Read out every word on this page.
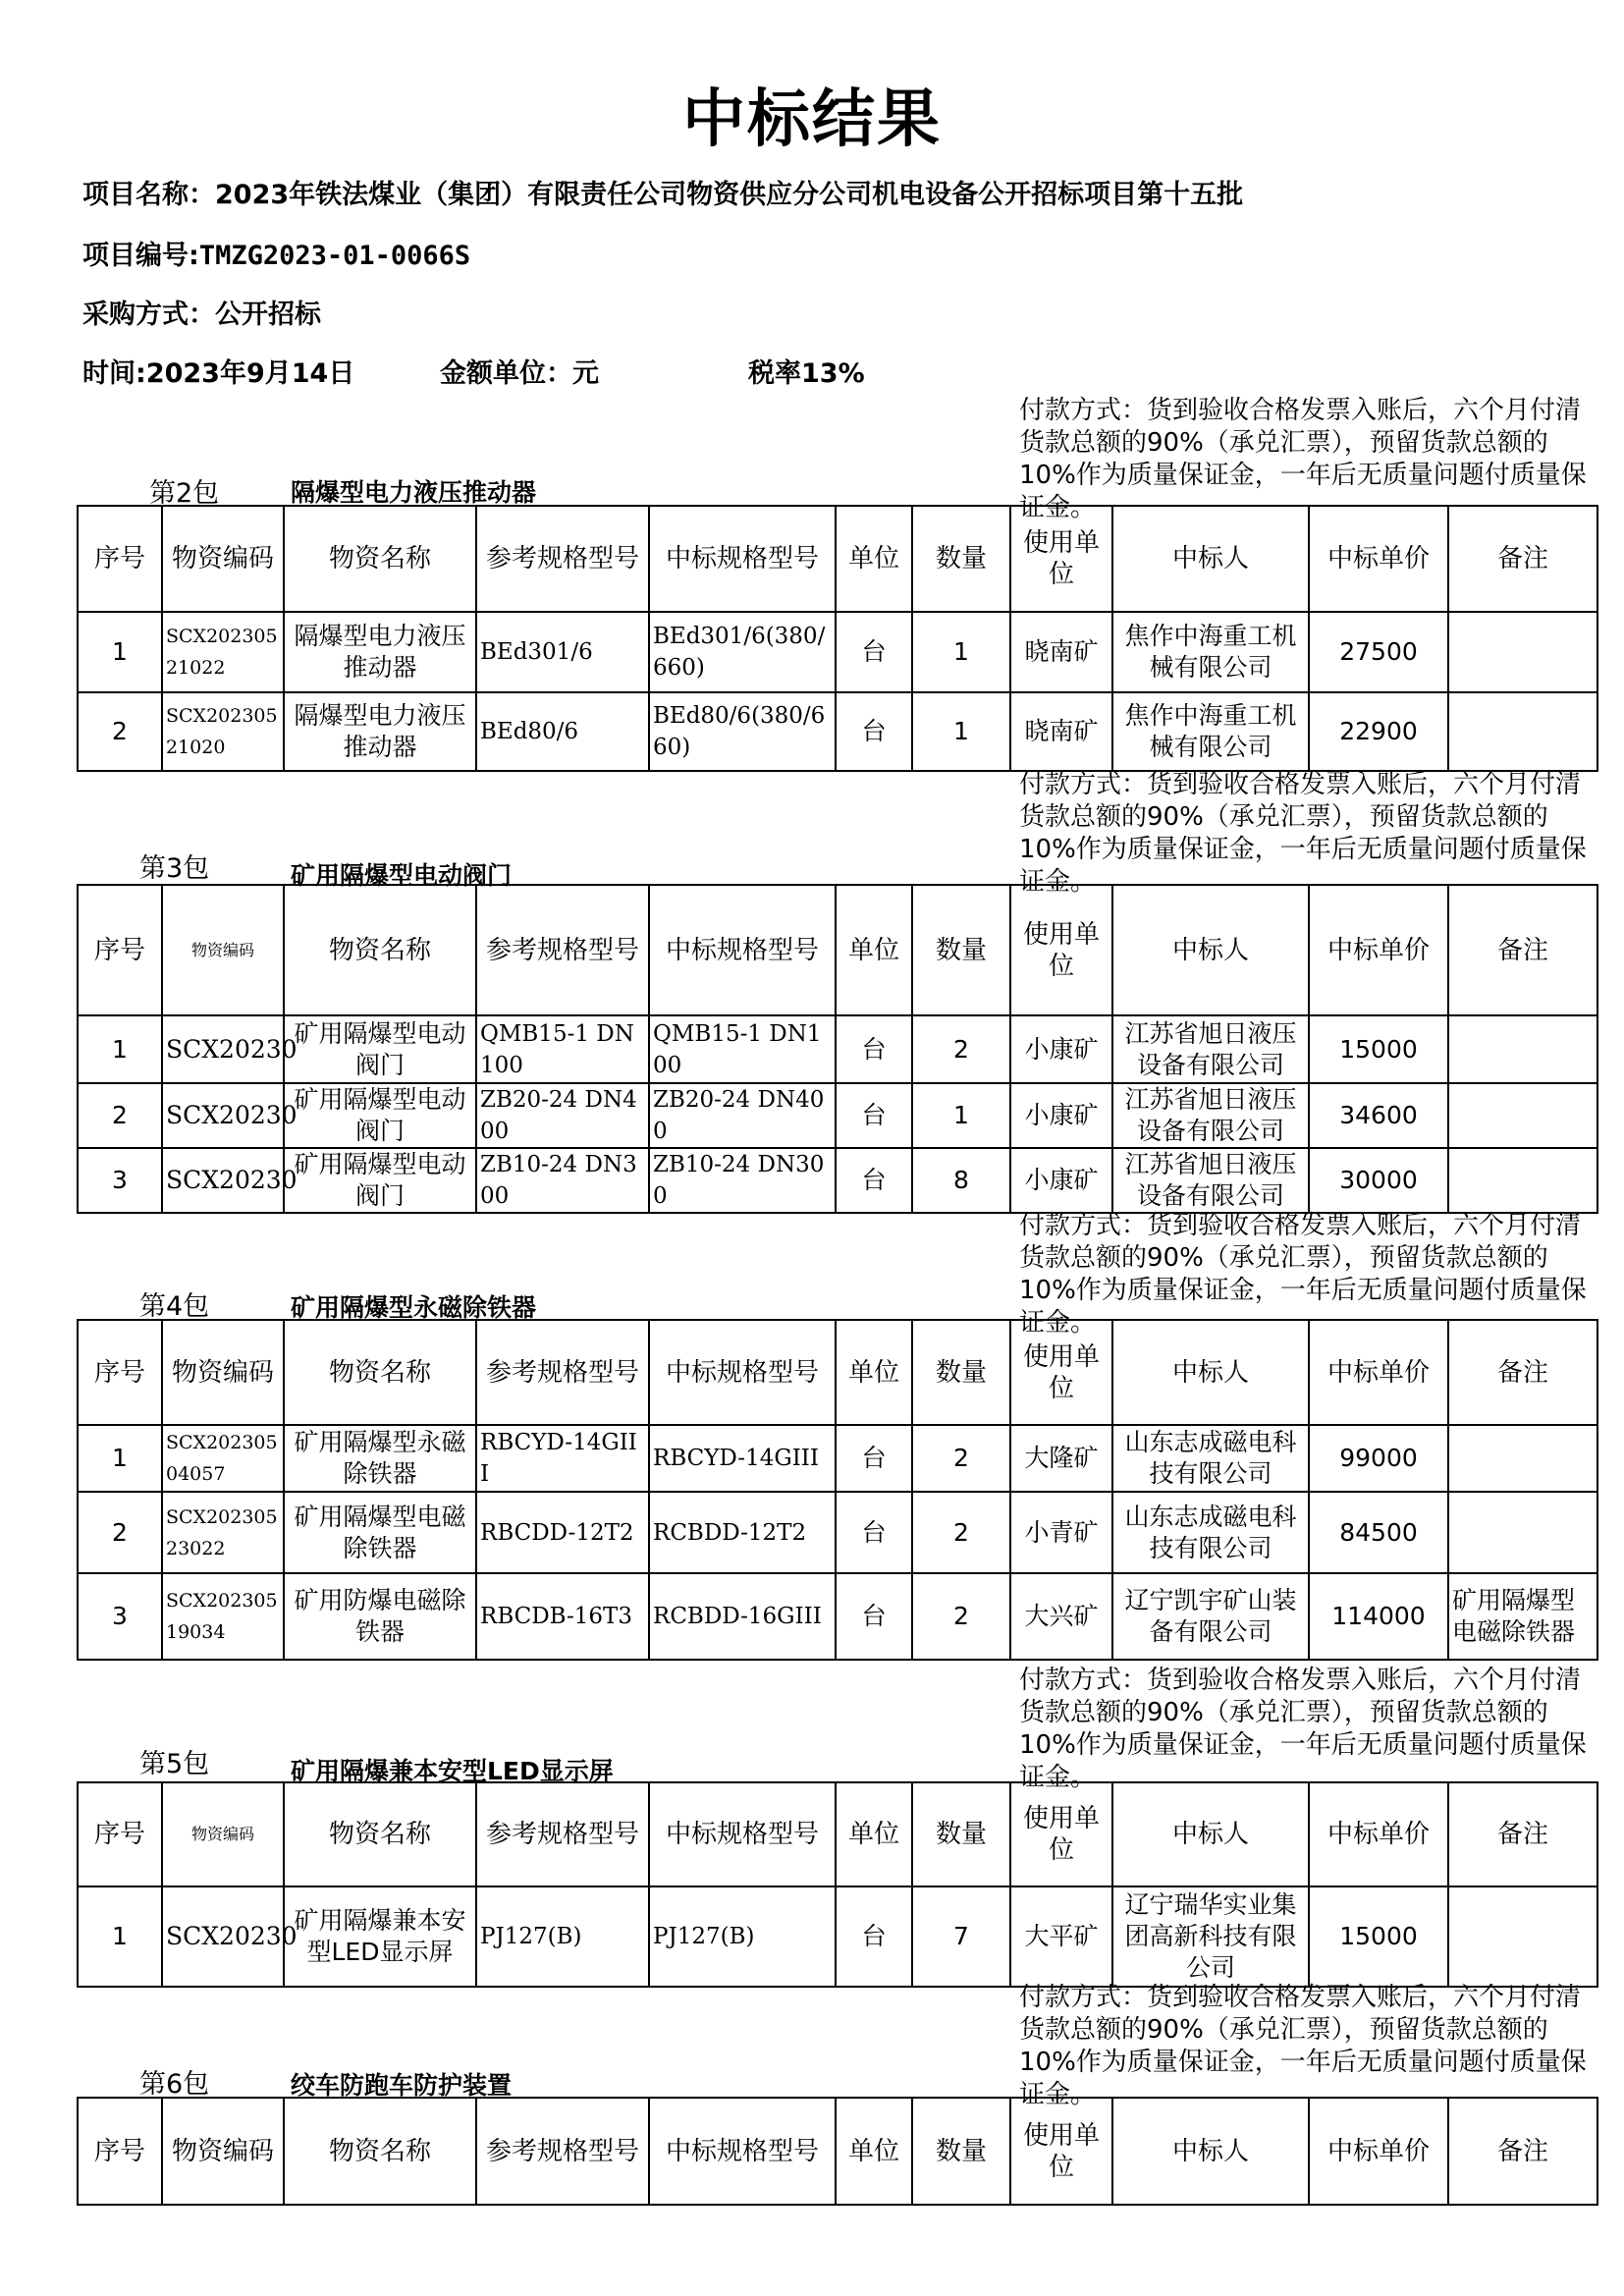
中标结果
项目名称：2023年铁法煤业（集团）有限责任公司物资供应分公司机电设备公开招标项目第十五批
项目编号:TMZG2023-01-0066S
采购方式：公开招标
时间:2023年9月14日	金额单位：元	税率13%
付款方式：货到验收合格发票入账后，六个月付清货款总额的90%（承兑汇票），预留货款总额的10%作为质量保证金，一年后无质量问题付质量保证金。
第2包	隔爆型电力液压推动器
序号	物资编码	物资名称	参考规格型号	中标规格型号	单位	数量	使用单位	中标人	中标单价	备注
1	SCX20230521022	隔爆型电力液压推动器	BEd301/6	BEd301/6(380/660)	台	1	晓南矿	焦作中海重工机械有限公司	27500	
2	SCX20230521020	隔爆型电力液压推动器	BEd80/6	BEd80/6(380/660)	台	1	晓南矿	焦作中海重工机械有限公司	22900	
付款方式：货到验收合格发票入账后，六个月付清货款总额的90%（承兑汇票），预留货款总额的10%作为质量保证金，一年后无质量问题付质量保证金。
第3包	矿用隔爆型电动阀门
序号	物资编码	物资名称	参考规格型号	中标规格型号	单位	数量	使用单位	中标人	中标单价	备注
1	SCX20230	矿用隔爆型电动阀门	QMB15-1 DN100	QMB15-1 DN100	台	2	小康矿	江苏省旭日液压设备有限公司	15000	
2	SCX20230	矿用隔爆型电动阀门	ZB20-24 DN400	ZB20-24 DN400	台	1	小康矿	江苏省旭日液压设备有限公司	34600	
3	SCX20230	矿用隔爆型电动阀门	ZB10-24 DN300	ZB10-24 DN300	台	8	小康矿	江苏省旭日液压设备有限公司	30000	
付款方式：货到验收合格发票入账后，六个月付清货款总额的90%（承兑汇票），预留货款总额的10%作为质量保证金，一年后无质量问题付质量保证金。
第4包	矿用隔爆型永磁除铁器
序号	物资编码	物资名称	参考规格型号	中标规格型号	单位	数量	使用单位	中标人	中标单价	备注
1	SCX20230504057	矿用隔爆型永磁除铁器	RBCYD-14GIII	RBCYD-14GIII	台	2	大隆矿	山东志成磁电科技有限公司	99000	
2	SCX20230523022	矿用隔爆型电磁除铁器	RBCDD-12T2	RCBDD-12T2	台	2	小青矿	山东志成磁电科技有限公司	84500	
3	SCX20230519034	矿用防爆电磁除铁器	RBCDB-16T3	RCBDD-16GIII	台	2	大兴矿	辽宁凯宇矿山装备有限公司	114000	矿用隔爆型电磁除铁器
付款方式：货到验收合格发票入账后，六个月付清货款总额的90%（承兑汇票），预留货款总额的10%作为质量保证金，一年后无质量问题付质量保证金。
第5包	矿用隔爆兼本安型LED显示屏
序号	物资编码	物资名称	参考规格型号	中标规格型号	单位	数量	使用单位	中标人	中标单价	备注
1	SCX20230	矿用隔爆兼本安型LED显示屏	PJ127(B)	PJ127(B)	台	7	大平矿	辽宁瑞华实业集团高新科技有限公司	15000	
付款方式：货到验收合格发票入账后，六个月付清货款总额的90%（承兑汇票），预留货款总额的10%作为质量保证金，一年后无质量问题付质量保证金。
第6包	绞车防跑车防护装置
序号	物资编码	物资名称	参考规格型号	中标规格型号	单位	数量	使用单位	中标人	中标单价	备注
